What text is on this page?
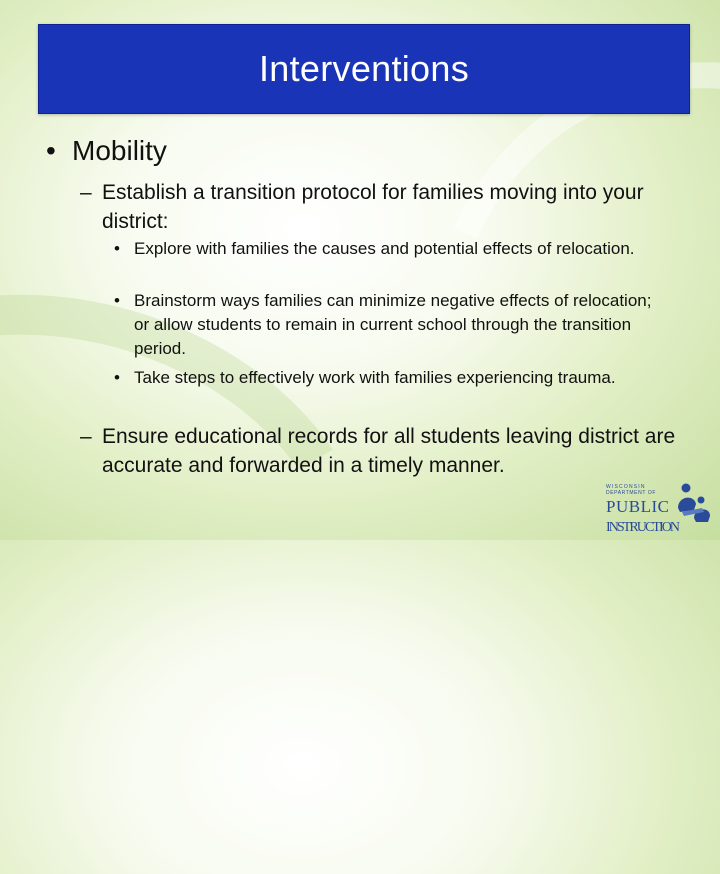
Interventions
• Mobility
– Establish a transition protocol for families moving into your district:
• Explore with families the causes and potential effects of relocation.
• Brainstorm ways families can minimize negative effects of relocation; or allow students to remain in current school through the transition period.
• Take steps to effectively work with families experiencing trauma.
– Ensure educational records for all students leaving district are accurate and forwarded in a timely manner.
WISCONSIN
DEPARTMENT OF
PUBLIC
INSTRUCTION
